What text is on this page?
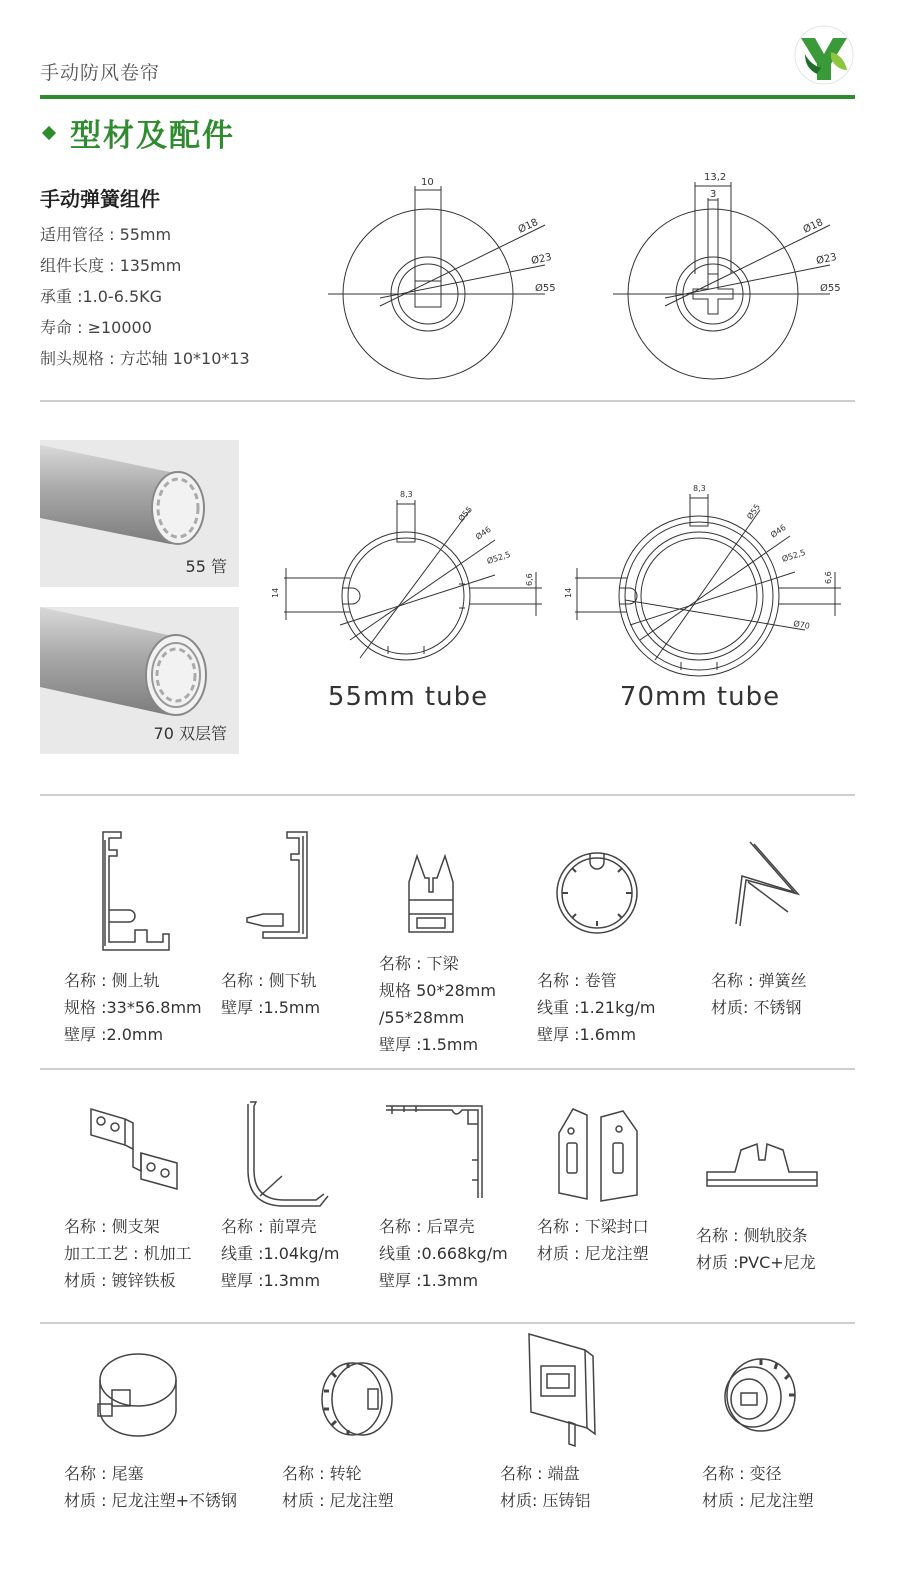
手动防风卷帘
型材及配件
手动弹簧组件
适用管径 : 55mm
组件长度 : 135mm
承重 :1.0-6.5KG
寿命 : ≥10000
制头规格 : 方芯轴 10*10*13
10
Ø18
Ø23
Ø55
13,2
3
Ø18
Ø23
Ø55
55 管
70 双层管
8,3
14
6,6
Ø55
Ø46
Ø52,5
55mm tube
8,3
14
6,6
Ø55
Ø46
Ø52,5
Ø70
70mm tube
名称 : 侧上轨
规格 :33*56.8mm
壁厚 :2.0mm
名称 : 侧下轨
壁厚 :1.5mm
名称 : 下梁
规格 50*28mm
/55*28mm
壁厚 :1.5mm
名称 : 卷管
线重 :1.21kg/m
壁厚 :1.6mm
名称 : 弹簧丝
材质: 不锈钢
名称 : 侧支架
加工工艺 : 机加工
材质 : 镀锌铁板
名称 : 前罩壳
线重 :1.04kg/m
壁厚 :1.3mm
名称 : 后罩壳
线重 :0.668kg/m
壁厚 :1.3mm
名称 : 下梁封口
材质 : 尼龙注塑
名称 : 侧轨胶条
材质 :PVC+尼龙
名称 : 尾塞
材质 : 尼龙注塑+不锈钢
名称 : 转轮
材质 : 尼龙注塑
名称 : 端盘
材质: 压铸铝
名称 : 变径
材质 : 尼龙注塑
